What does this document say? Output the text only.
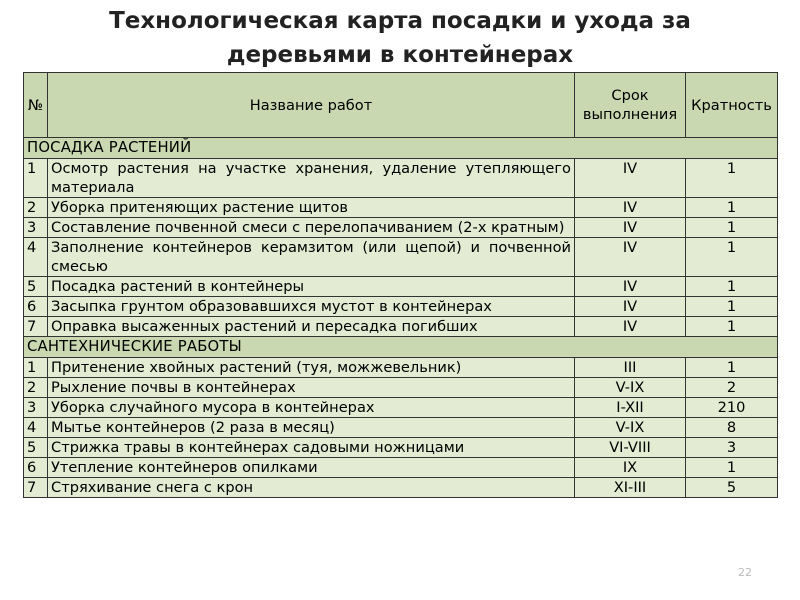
Технологическая карта посадки и ухода за
деревьями в контейнерах
№	Название работ	Срок выполнения	Кратность
ПОСАДКА РАСТЕНИЙ			
1	Осмотр растения на участке хранения, удаление утепляющего материала	IV	1
2	Уборка притеняющих растение щитов	IV	1
3	Составление почвенной смеси с перелопачиванием (2-х кратным)	IV	1
4	Заполнение контейнеров керамзитом (или щепой) и почвенной смесью	IV	1
5	Посадка растений в контейнеры	IV	1
6	Засыпка грунтом образовавшихся мустот в контейнерах	IV	1
7	Оправка высаженных растений и пересадка погибших	IV	1
САНТЕХНИЧЕСКИЕ РАБОТЫ			
1	Притенение хвойных растений (туя, можжевельник)	III	1
2	Рыхление почвы в контейнерах	V-IX	2
3	Уборка случайного мусора в контейнерах	I-XII	210
4	Мытье контейнеров (2 раза в месяц)	V-IX	8
5	Стрижка травы в контейнерах садовыми ножницами	VI-VIII	3
6	Утепление контейнеров опилками	IX	1
7	Стряхивание снега с крон	XI-III	5
22
